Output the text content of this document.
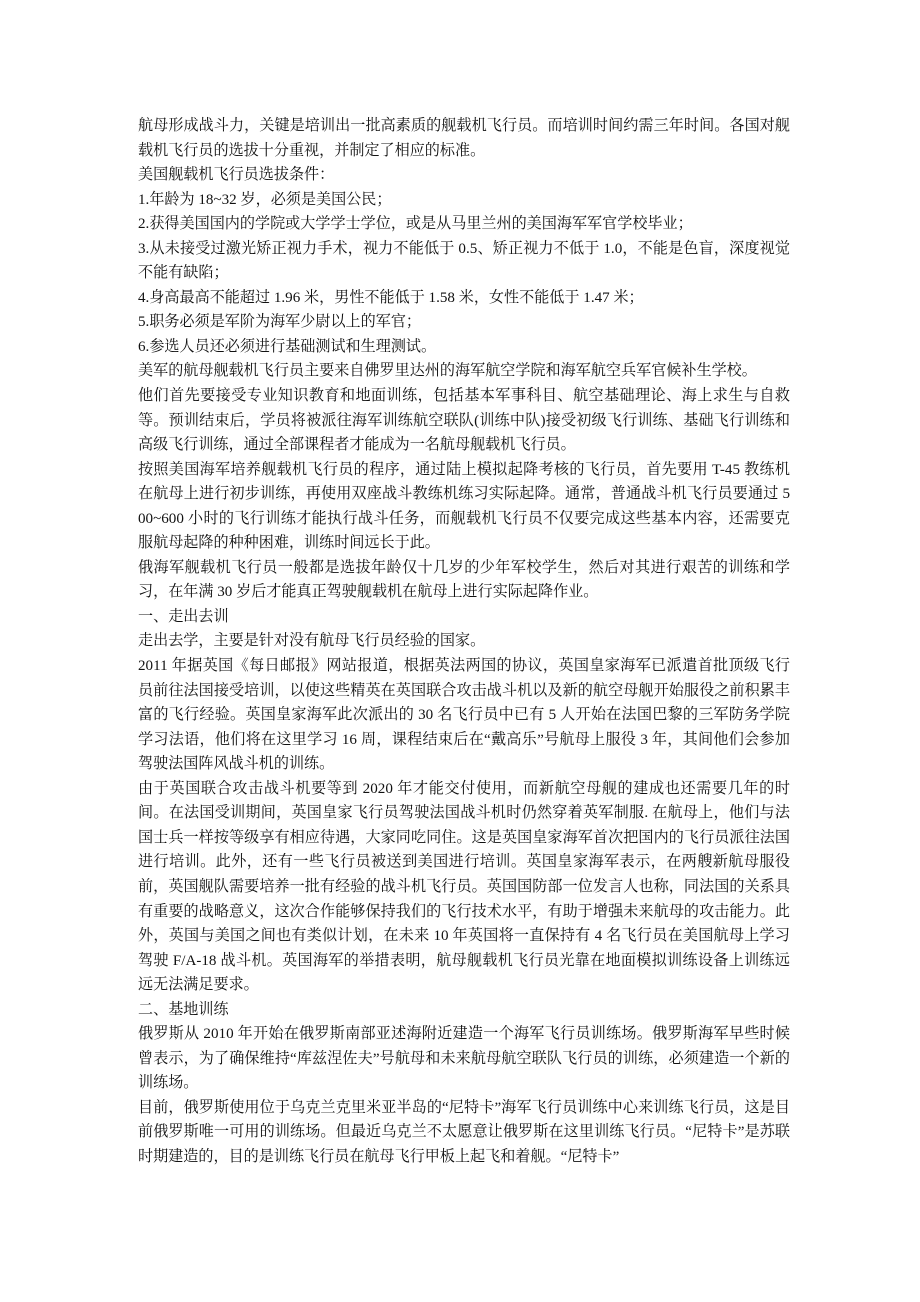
航母形成战斗力，关键是培训出一批高素质的舰载机飞行员。而培训时间约需三年时间。各国对舰载机飞行员的选拔十分重视，并制定了相应的标准。

美国舰载机飞行员选拔条件：

1.年龄为 18~32 岁，必须是美国公民；

2.获得美国国内的学院或大学学士学位，或是从马里兰州的美国海军军官学校毕业；

3.从未接受过激光矫正视力手术，视力不能低于 0.5、矫正视力不低于 1.0，不能是色盲，深度视觉不能有缺陷；

4.身高最高不能超过 1.96 米，男性不能低于 1.58 米，女性不能低于 1.47 米；

5.职务必须是军阶为海军少尉以上的军官；

6.参选人员还必须进行基础测试和生理测试。

美军的航母舰载机飞行员主要来自佛罗里达州的海军航空学院和海军航空兵军官候补生学校。

他们首先要接受专业知识教育和地面训练，包括基本军事科目、航空基础理论、海上求生与自救等。预训结束后，学员将被派往海军训练航空联队(训练中队)接受初级飞行训练、基础飞行训练和高级飞行训练，通过全部课程者才能成为一名航母舰载机飞行员。

按照美国海军培养舰载机飞行员的程序，通过陆上模拟起降考核的飞行员，首先要用 T-45 教练机在航母上进行初步训练，再使用双座战斗教练机练习实际起降。通常，普通战斗机飞行员要通过 500~600 小时的飞行训练才能执行战斗任务，而舰载机飞行员不仅要完成这些基本内容，还需要克服航母起降的种种困难，训练时间远长于此。

俄海军舰载机飞行员一般都是选拔年龄仅十几岁的少年军校学生，然后对其进行艰苦的训练和学习，在年满 30 岁后才能真正驾驶舰载机在航母上进行实际起降作业。

一、走出去训

走出去学，主要是针对没有航母飞行员经验的国家。

2011 年据英国《每日邮报》网站报道，根据英法两国的协议，英国皇家海军已派遣首批顶级飞行员前往法国接受培训，以使这些精英在英国联合攻击战斗机以及新的航空母舰开始服役之前积累丰富的飞行经验。英国皇家海军此次派出的 30 名飞行员中已有 5 人开始在法国巴黎的三军防务学院学习法语，他们将在这里学习 16 周，课程结束后在“戴高乐”号航母上服役 3 年，其间他们会参加驾驶法国阵风战斗机的训练。

由于英国联合攻击战斗机要等到 2020 年才能交付使用，而新航空母舰的建成也还需要几年的时间。在法国受训期间，英国皇家飞行员驾驶法国战斗机时仍然穿着英军制服. 在航母上，他们与法国士兵一样按等级享有相应待遇，大家同吃同住。这是英国皇家海军首次把国内的飞行员派往法国进行培训。此外，还有一些飞行员被送到美国进行培训。英国皇家海军表示，在两艘新航母服役前，英国舰队需要培养一批有经验的战斗机飞行员。英国国防部一位发言人也称，同法国的关系具有重要的战略意义，这次合作能够保持我们的飞行技术水平，有助于增强未来航母的攻击能力。此外，英国与美国之间也有类似计划，在未来 10 年英国将一直保持有 4 名飞行员在美国航母上学习驾驶 F/A-18 战斗机。英国海军的举措表明，航母舰载机飞行员光靠在地面模拟训练设备上训练远远无法满足要求。

二、基地训练

俄罗斯从 2010 年开始在俄罗斯南部亚述海附近建造一个海军飞行员训练场。俄罗斯海军早些时候曾表示，为了确保维持“库兹涅佐夫”号航母和未来航母航空联队飞行员的训练，必须建造一个新的训练场。

目前，俄罗斯使用位于乌克兰克里米亚半岛的“尼特卡”海军飞行员训练中心来训练飞行员，这是目前俄罗斯唯一可用的训练场。但最近乌克兰不太愿意让俄罗斯在这里训练飞行员。“尼特卡”是苏联时期建造的，目的是训练飞行员在航母飞行甲板上起飞和着舰。“尼特卡”
